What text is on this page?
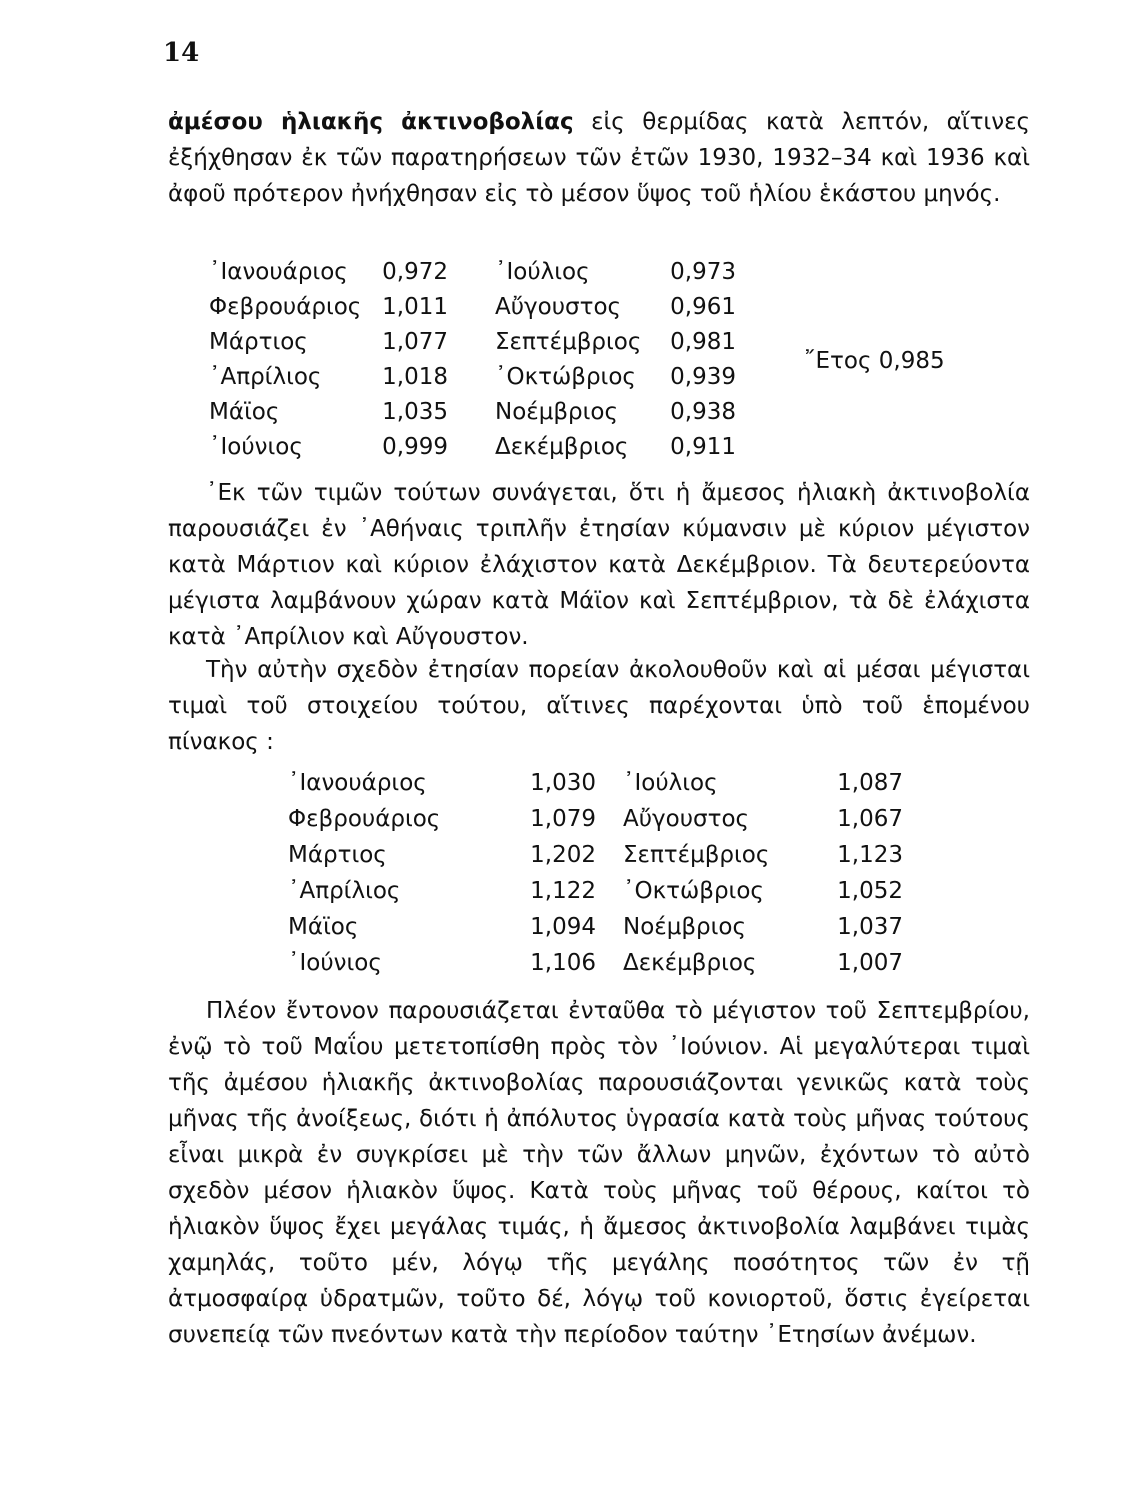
14

ἀμέσου ἡλιακῆς ἀκτινοβολίας εἰς θερμίδας κατὰ λεπτόν, αἵτινες ἐξήχθησαν ἐκ τῶν παρατηρήσεων τῶν ἐτῶν 1930, 1932–34 καὶ 1936 καὶ ἀφοῦ πρότερον ἠνήχθησαν εἰς τὸ μέσον ὕψος τοῦ ἡλίου ἑκάστου μηνός.

᾿Ιανουάριος	0,972 ᾿Ιούλιος	0,973
Φεβρουάριος 1,011 Αὔγουστος	0,961
Μάρτιος	1,077 Σεπτέμβριος	0,981
᾿Απρίλιος	1,018 ᾿Οκτώβριος	0,939
Μάϊος	1,035 Νοέμβριος	0,938
᾿Ιούνιος	0,999 Δεκέμβριος	0,911
῎Ετος 0,985

᾿Εκ τῶν τιμῶν τούτων συνάγεται, ὅτι ἡ ἄμεσος ἡλιακὴ ἀκτινοβολία παρουσιάζει ἐν ᾿Αθήναις τριπλῆν ἐτησίαν κύμανσιν μὲ κύριον μέγιστον κατὰ Μάρτιον καὶ κύριον ἐλάχιστον κατὰ Δεκέμβριον. Τὰ δευτερεύοντα μέγιστα λαμβάνουν χώραν κατὰ Μάϊον καὶ Σεπτέμβριον, τὰ δὲ ἐλάχιστα κατὰ ᾿Απρίλιον καὶ Αὔγουστον.

Τὴν αὐτὴν σχεδὸν ἐτησίαν πορείαν ἀκολουθοῦν καὶ αἱ μέσαι μέγισται τιμαὶ τοῦ στοιχείου τούτου, αἵτινες παρέχονται ὑπὸ τοῦ ἑπομένου πίνακος :

᾿Ιανουάριος	1,030 ᾿Ιούλιος	1,087
Φεβρουάριος	1,079 Αὔγουστος	1,067
Μάρτιος	1,202 Σεπτέμβριος	1,123
᾿Απρίλιος	1,122 ᾿Οκτώβριος	1,052
Μάϊος	1,094 Νοέμβριος	1,037
᾿Ιούνιος	1,106 Δεκέμβριος	1,007

Πλέον ἔντονον παρουσιάζεται ἐνταῦθα τὸ μέγιστον τοῦ Σεπτεμβρίου, ἐνῷ τὸ τοῦ Μαΐου μετετοπίσθη πρὸς τὸν ᾿Ιούνιον. Αἱ μεγαλύτεραι τιμαὶ τῆς ἀμέσου ἡλιακῆς ἀκτινοβολίας παρουσιάζονται γενικῶς κατὰ τοὺς μῆνας τῆς ἀνοίξεως, διότι ἡ ἀπόλυτος ὑγρασία κατὰ τοὺς μῆνας τούτους εἶναι μικρὰ ἐν συγκρίσει μὲ τὴν τῶν ἄλλων μηνῶν, ἐχόντων τὸ αὐτὸ σχεδὸν μέσον ἡλιακὸν ὕψος. Κατὰ τοὺς μῆνας τοῦ θέρους, καίτοι τὸ ἡλιακὸν ὕψος ἔχει μεγάλας τιμάς, ἡ ἄμεσος ἀκτινοβολία λαμβάνει τιμὰς χαμηλάς, τοῦτο μέν, λόγῳ τῆς μεγάλης ποσότητος τῶν ἐν τῇ ἀτμοσφαίρᾳ ὑδρατμῶν, τοῦτο δέ, λόγῳ τοῦ κονιορτοῦ, ὅστις ἐγείρεται συνεπείᾳ τῶν πνεόντων κατὰ τὴν περίοδον ταύτην ᾿Ετησίων ἀνέμων.
